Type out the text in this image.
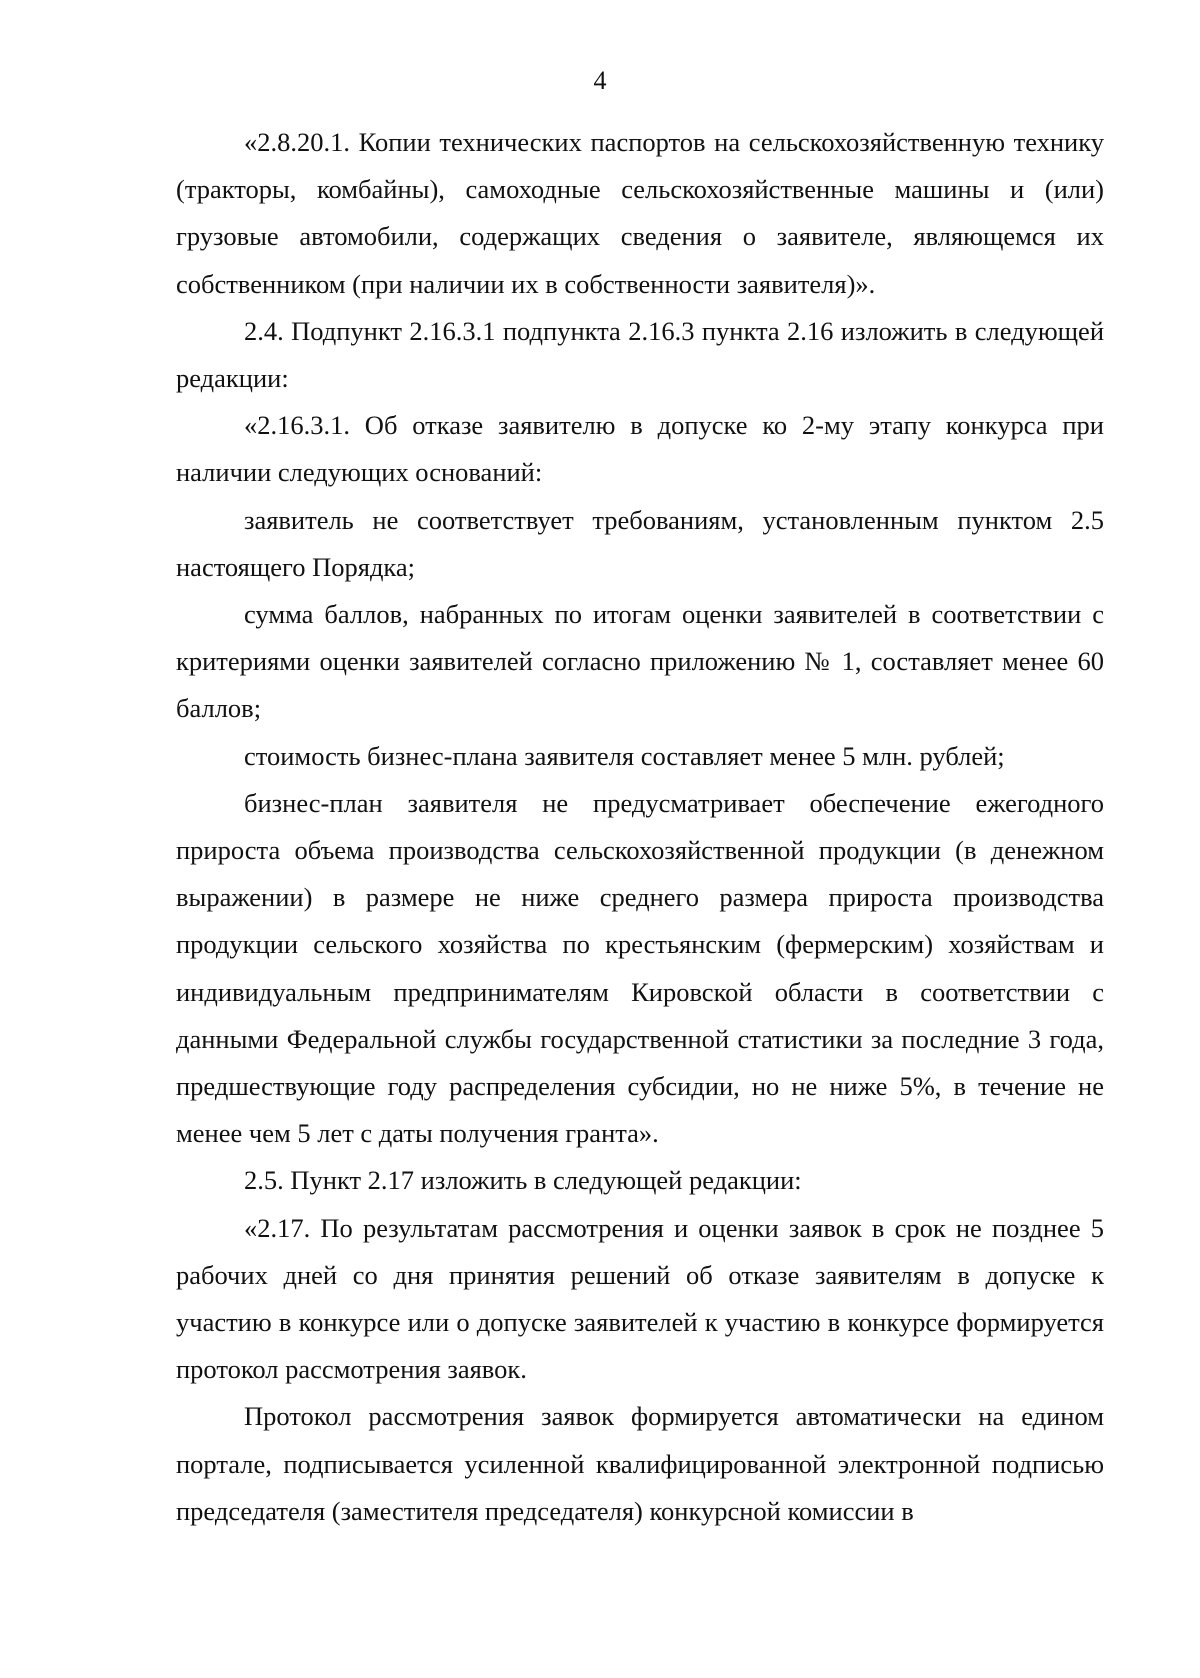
4

«2.8.20.1. Копии технических паспортов на сельскохозяйственную технику (тракторы, комбайны), самоходные сельскохозяйственные машины и (или) грузовые автомобили, содержащих сведения о заявителе, являющемся их собственником (при наличии их в собственности заявителя)».

2.4. Подпункт 2.16.3.1 подпункта 2.16.3 пункта 2.16 изложить в следующей редакции:

«2.16.3.1. Об отказе заявителю в допуске ко 2-му этапу конкурса при наличии следующих оснований:

заявитель не соответствует требованиям, установленным пунктом 2.5 настоящего Порядка;

сумма баллов, набранных по итогам оценки заявителей в соответствии с критериями оценки заявителей согласно приложению № 1, составляет менее 60 баллов;

стоимость бизнес-плана заявителя составляет менее 5 млн. рублей;

бизнес-план заявителя не предусматривает обеспечение ежегодного прироста объема производства сельскохозяйственной продукции (в денежном выражении) в размере не ниже среднего размера прироста производства продукции сельского хозяйства по крестьянским (фермерским) хозяйствам и индивидуальным предпринимателям Кировской области в соответствии с данными Федеральной службы государственной статистики за последние 3 года, предшествующие году распределения субсидии, но не ниже 5%, в течение не менее чем 5 лет с даты получения гранта».

2.5. Пункт 2.17 изложить в следующей редакции:

«2.17. По результатам рассмотрения и оценки заявок в срок не позднее 5 рабочих дней со дня принятия решений об отказе заявителям в допуске к участию в конкурсе или о допуске заявителей к участию в конкурсе формируется протокол рассмотрения заявок.

Протокол рассмотрения заявок формируется автоматически на едином портале, подписывается усиленной квалифицированной электронной подписью председателя (заместителя председателя) конкурсной комиссии в
